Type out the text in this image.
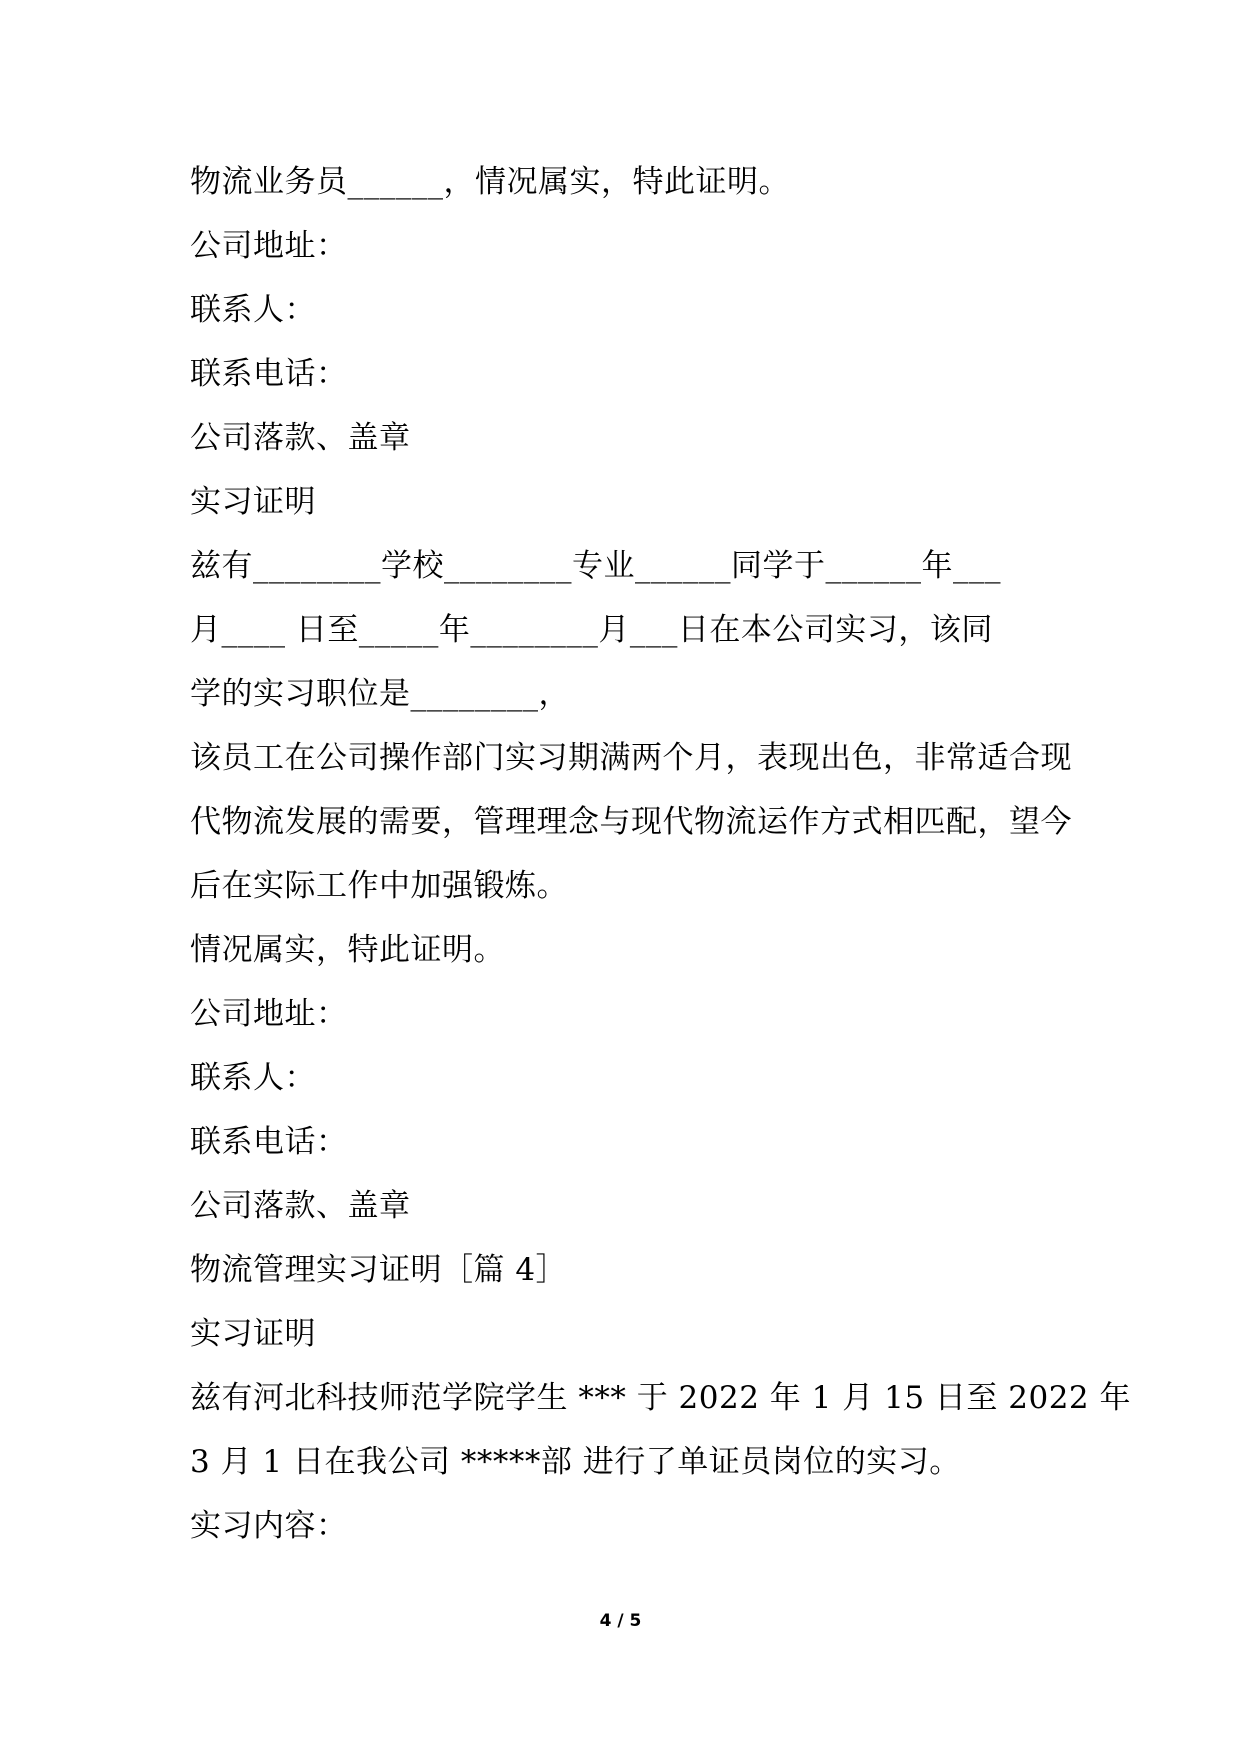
物流业务员______，情况属实，特此证明。
公司地址：
联系人：
联系电话：
公司落款、盖章
实习证明
兹有________学校________专业______同学于______年___
月____ 日至_____年________月___日在本公司实习，该同
学的实习职位是________，
该员工在公司操作部门实习期满两个月，表现出色，非常适合现
代物流发展的需要，管理理念与现代物流运作方式相匹配，望今
后在实际工作中加强锻炼。
情况属实，特此证明。
公司地址：
联系人：
联系电话：
公司落款、盖章
物流管理实习证明［篇 4］
实习证明
兹有河北科技师范学院学生 *** 于 2022 年 1 月 15 日至 2022 年
3 月 1 日在我公司 *****部 进行了单证员岗位的实习。
实习内容：
4 / 5
